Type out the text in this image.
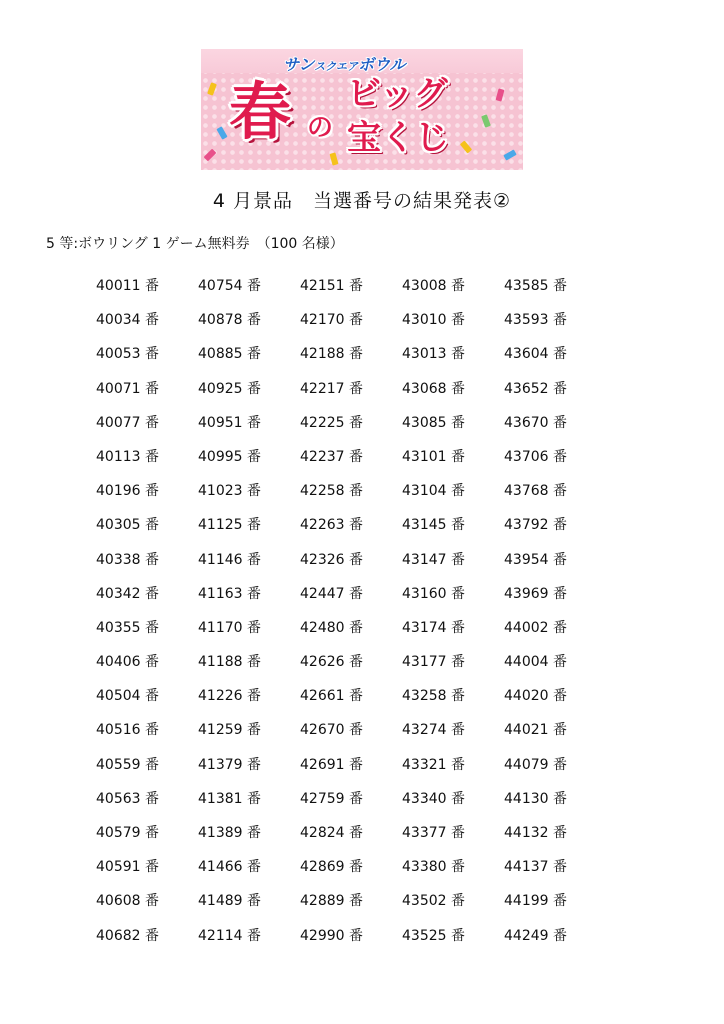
サンスクエアボウル
春 の
ビッグ
宝くじ
4 月景品　当選番号の結果発表②
5 等:ボウリング 1 ゲーム無料券　（100 名様）
40011 番	40754 番	42151 番	43008 番	43585 番
40034 番	40878 番	42170 番	43010 番	43593 番
40053 番	40885 番	42188 番	43013 番	43604 番
40071 番	40925 番	42217 番	43068 番	43652 番
40077 番	40951 番	42225 番	43085 番	43670 番
40113 番	40995 番	42237 番	43101 番	43706 番
40196 番	41023 番	42258 番	43104 番	43768 番
40305 番	41125 番	42263 番	43145 番	43792 番
40338 番	41146 番	42326 番	43147 番	43954 番
40342 番	41163 番	42447 番	43160 番	43969 番
40355 番	41170 番	42480 番	43174 番	44002 番
40406 番	41188 番	42626 番	43177 番	44004 番
40504 番	41226 番	42661 番	43258 番	44020 番
40516 番	41259 番	42670 番	43274 番	44021 番
40559 番	41379 番	42691 番	43321 番	44079 番
40563 番	41381 番	42759 番	43340 番	44130 番
40579 番	41389 番	42824 番	43377 番	44132 番
40591 番	41466 番	42869 番	43380 番	44137 番
40608 番	41489 番	42889 番	43502 番	44199 番
40682 番	42114 番	42990 番	43525 番	44249 番
